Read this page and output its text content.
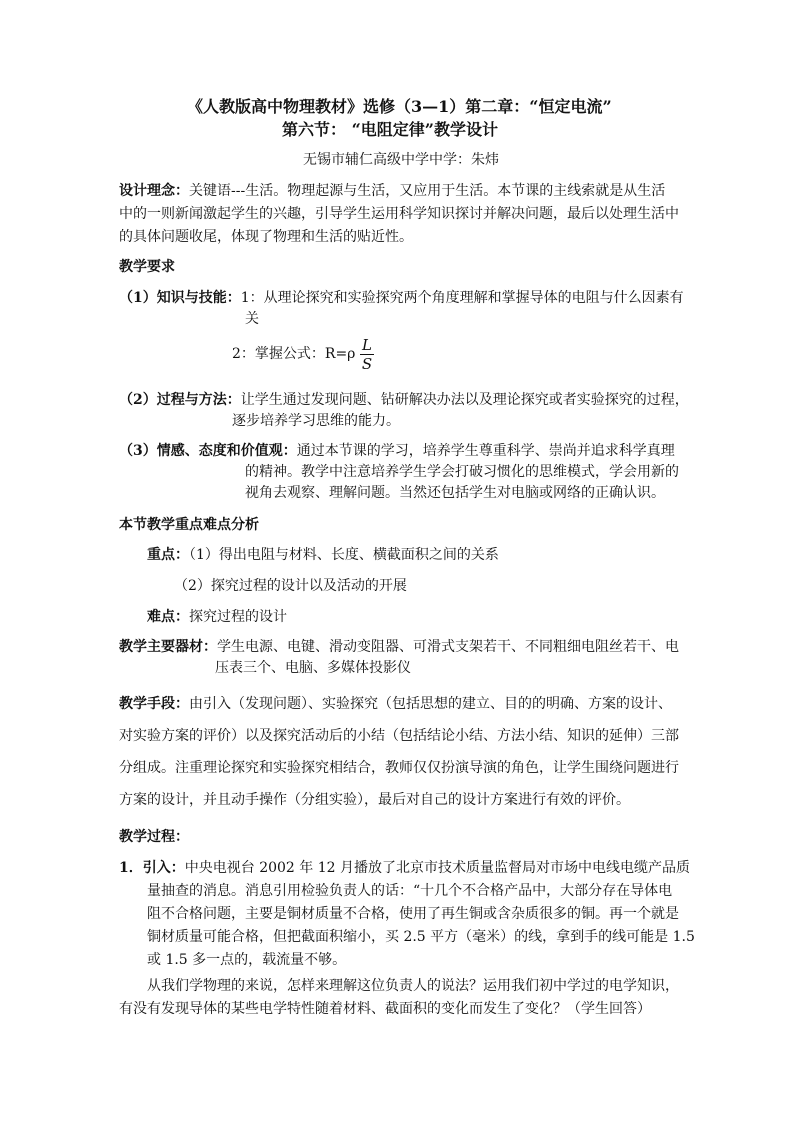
《人教版高中物理教材》选修（3—1）第二章：“恒定电流”
第六节： “电阻定律”教学设计
无锡市辅仁高级中学中学：朱炜
设计理念：关键语---生活。物理起源与生活，又应用于生活。本节课的主线索就是从生活
中的一则新闻激起学生的兴趣，引导学生运用科学知识探讨并解决问题，最后以处理生活中
的具体问题收尾，体现了物理和生活的贴近性。
教学要求
（1）知识与技能：1：从理论探究和实验探究两个角度理解和掌握导体的电阻与什么因素有
关
2：掌握公式：$R=\rho \frac{L}{S}$
（2）过程与方法：让学生通过发现问题、钻研解决办法以及理论探究或者实验探究的过程，
逐步培养学习思维的能力。
（3）情感、态度和价值观：通过本节课的学习，培养学生尊重科学、崇尚并追求科学真理
的精神。教学中注意培养学生学会打破习惯化的思维模式，学会用新的
视角去观察、理解问题。当然还包括学生对电脑或网络的正确认识。
本节教学重点难点分析
重点：（1）得出电阻与材料、长度、横截面积之间的关系
（2）探究过程的设计以及活动的开展
难点：探究过程的设计
教学主要器材：学生电源、电键、滑动变阻器、可滑式支架若干、不同粗细电阻丝若干、电
压表三个、电脑、多媒体投影仪
教学手段：由引入（发现问题）、实验探究（包括思想的建立、目的的明确、方案的设计、
对实验方案的评价）以及探究活动后的小结（包括结论小结、方法小结、知识的延伸）三部
分组成。注重理论探究和实验探究相结合，教师仅仅扮演导演的角色，让学生围绕问题进行
方案的设计，并且动手操作（分组实验），最后对自己的设计方案进行有效的评价。
教学过程：
1．引入：中央电视台 2002 年 12 月播放了北京市技术质量监督局对市场中电线电缆产品质
量抽查的消息。消息引用检验负责人的话：“十几个不合格产品中，大部分存在导体电
阻不合格问题，主要是铜材质量不合格，使用了再生铜或含杂质很多的铜。再一个就是
铜材质量可能合格，但把截面积缩小，买 2.5 平方（毫米）的线，拿到手的线可能是 1.5
或 1.5 多一点的，载流量不够。
从我们学物理的来说，怎样来理解这位负责人的说法？运用我们初中学过的电学知识，
有没有发现导体的某些电学特性随着材料、截面积的变化而发生了变化？（学生回答）
